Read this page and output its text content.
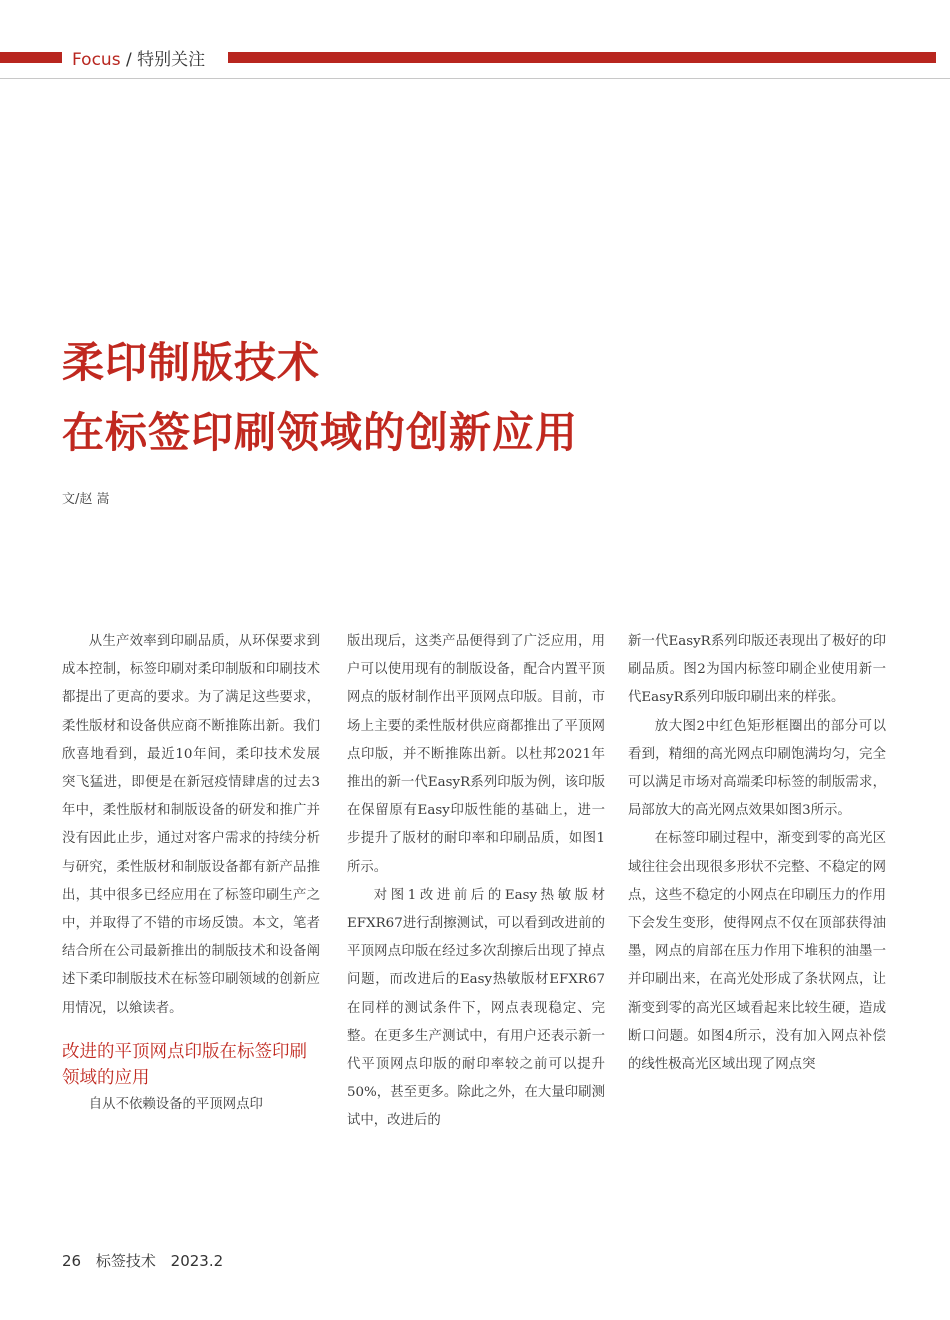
Focus / 特别关注
柔印制版技术
在标签印刷领域的创新应用
文/赵 嵩

从生产效率到印刷品质，从环保要求到成本控制，标签印刷对柔印制版和印刷技术都提出了更高的要求。为了满足这些要求，柔性版材和设备供应商不断推陈出新。我们欣喜地看到，最近10年间，柔印技术发展突飞猛进，即便是在新冠疫情肆虐的过去3年中，柔性版材和制版设备的研发和推广并没有因此止步，通过对客户需求的持续分析与研究，柔性版材和制版设备都有新产品推出，其中很多已经应用在了标签印刷生产之中，并取得了不错的市场反馈。本文，笔者结合所在公司最新推出的制版技术和设备阐述下柔印制版技术在标签印刷领域的创新应用情况，以飨读者。

改进的平顶网点印版在标签印刷领域的应用

自从不依赖设备的平顶网点印

版出现后，这类产品便得到了广泛应用，用户可以使用现有的制版设备，配合内置平顶网点的版材制作出平顶网点印版。目前，市场上主要的柔性版材供应商都推出了平顶网点印版，并不断推陈出新。以杜邦2021年推出的新一代EasyR系列印版为例，该印版在保留原有Easy印版性能的基础上，进一步提升了版材的耐印率和印刷品质，如图1所示。

对图1改进前后的Easy热敏版材EFXR67进行刮擦测试，可以看到改进前的平顶网点印版在经过多次刮擦后出现了掉点问题，而改进后的Easy热敏版材EFXR67在同样的测试条件下，网点表现稳定、完整。在更多生产测试中，有用户还表示新一代平顶网点印版的耐印率较之前可以提升50%，甚至更多。除此之外，在大量印刷测试中，改进后的

新一代EasyR系列印版还表现出了极好的印刷品质。图2为国内标签印刷企业使用新一代EasyR系列印版印刷出来的样张。

放大图2中红色矩形框圈出的部分可以看到，精细的高光网点印刷饱满均匀，完全可以满足市场对高端柔印标签的制版需求，局部放大的高光网点效果如图3所示。

在标签印刷过程中，渐变到零的高光区域往往会出现很多形状不完整、不稳定的网点，这些不稳定的小网点在印刷压力的作用下会发生变形，使得网点不仅在顶部获得油墨，网点的肩部在压力作用下堆积的油墨一并印刷出来，在高光处形成了条状网点，让渐变到零的高光区域看起来比较生硬，造成断口问题。如图4所示，没有加入网点补偿的线性极高光区域出现了网点突

26 标签技术 2023.2
